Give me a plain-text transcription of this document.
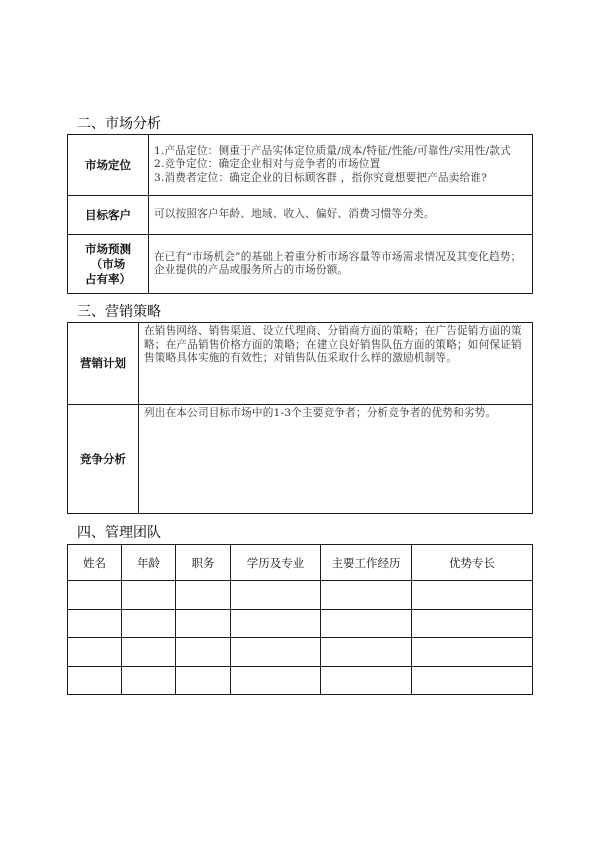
二、市场分析
市场定位	1.产品定位：侧重于产品实体定位质量/成本/特征/性能/可靠性/实用性/款式
2.竞争定位：确定企业相对与竞争者的市场位置
3.消费者定位：确定企业的目标顾客群 ，指你究竟想要把产品卖给谁?

目标客户	可以按照客户年龄、地域、收入、偏好、消费习惯等分类。

市场预测
（市场
占有率）	在已有“市场机会”的基础上着重分析市场容量等市场需求情况及其变化趋势；企业提供的产品或服务所占的市场份额。
三、营销策略
营销计划	在销售网络、销售渠道、设立代理商、分销商方面的策略；在广告促销方面的策略；在产品销售价格方面的策略；在建立良好销售队伍方面的策略；如何保证销售策略具体实施的有效性；对销售队伍采取什么样的激励机制等。

竞争分析	列出在本公司目标市场中的1-3个主要竞争者；分析竞争者的优势和劣势。
四、管理团队
姓名	年龄	职务	学历及专业	主要工作经历	优势专长
